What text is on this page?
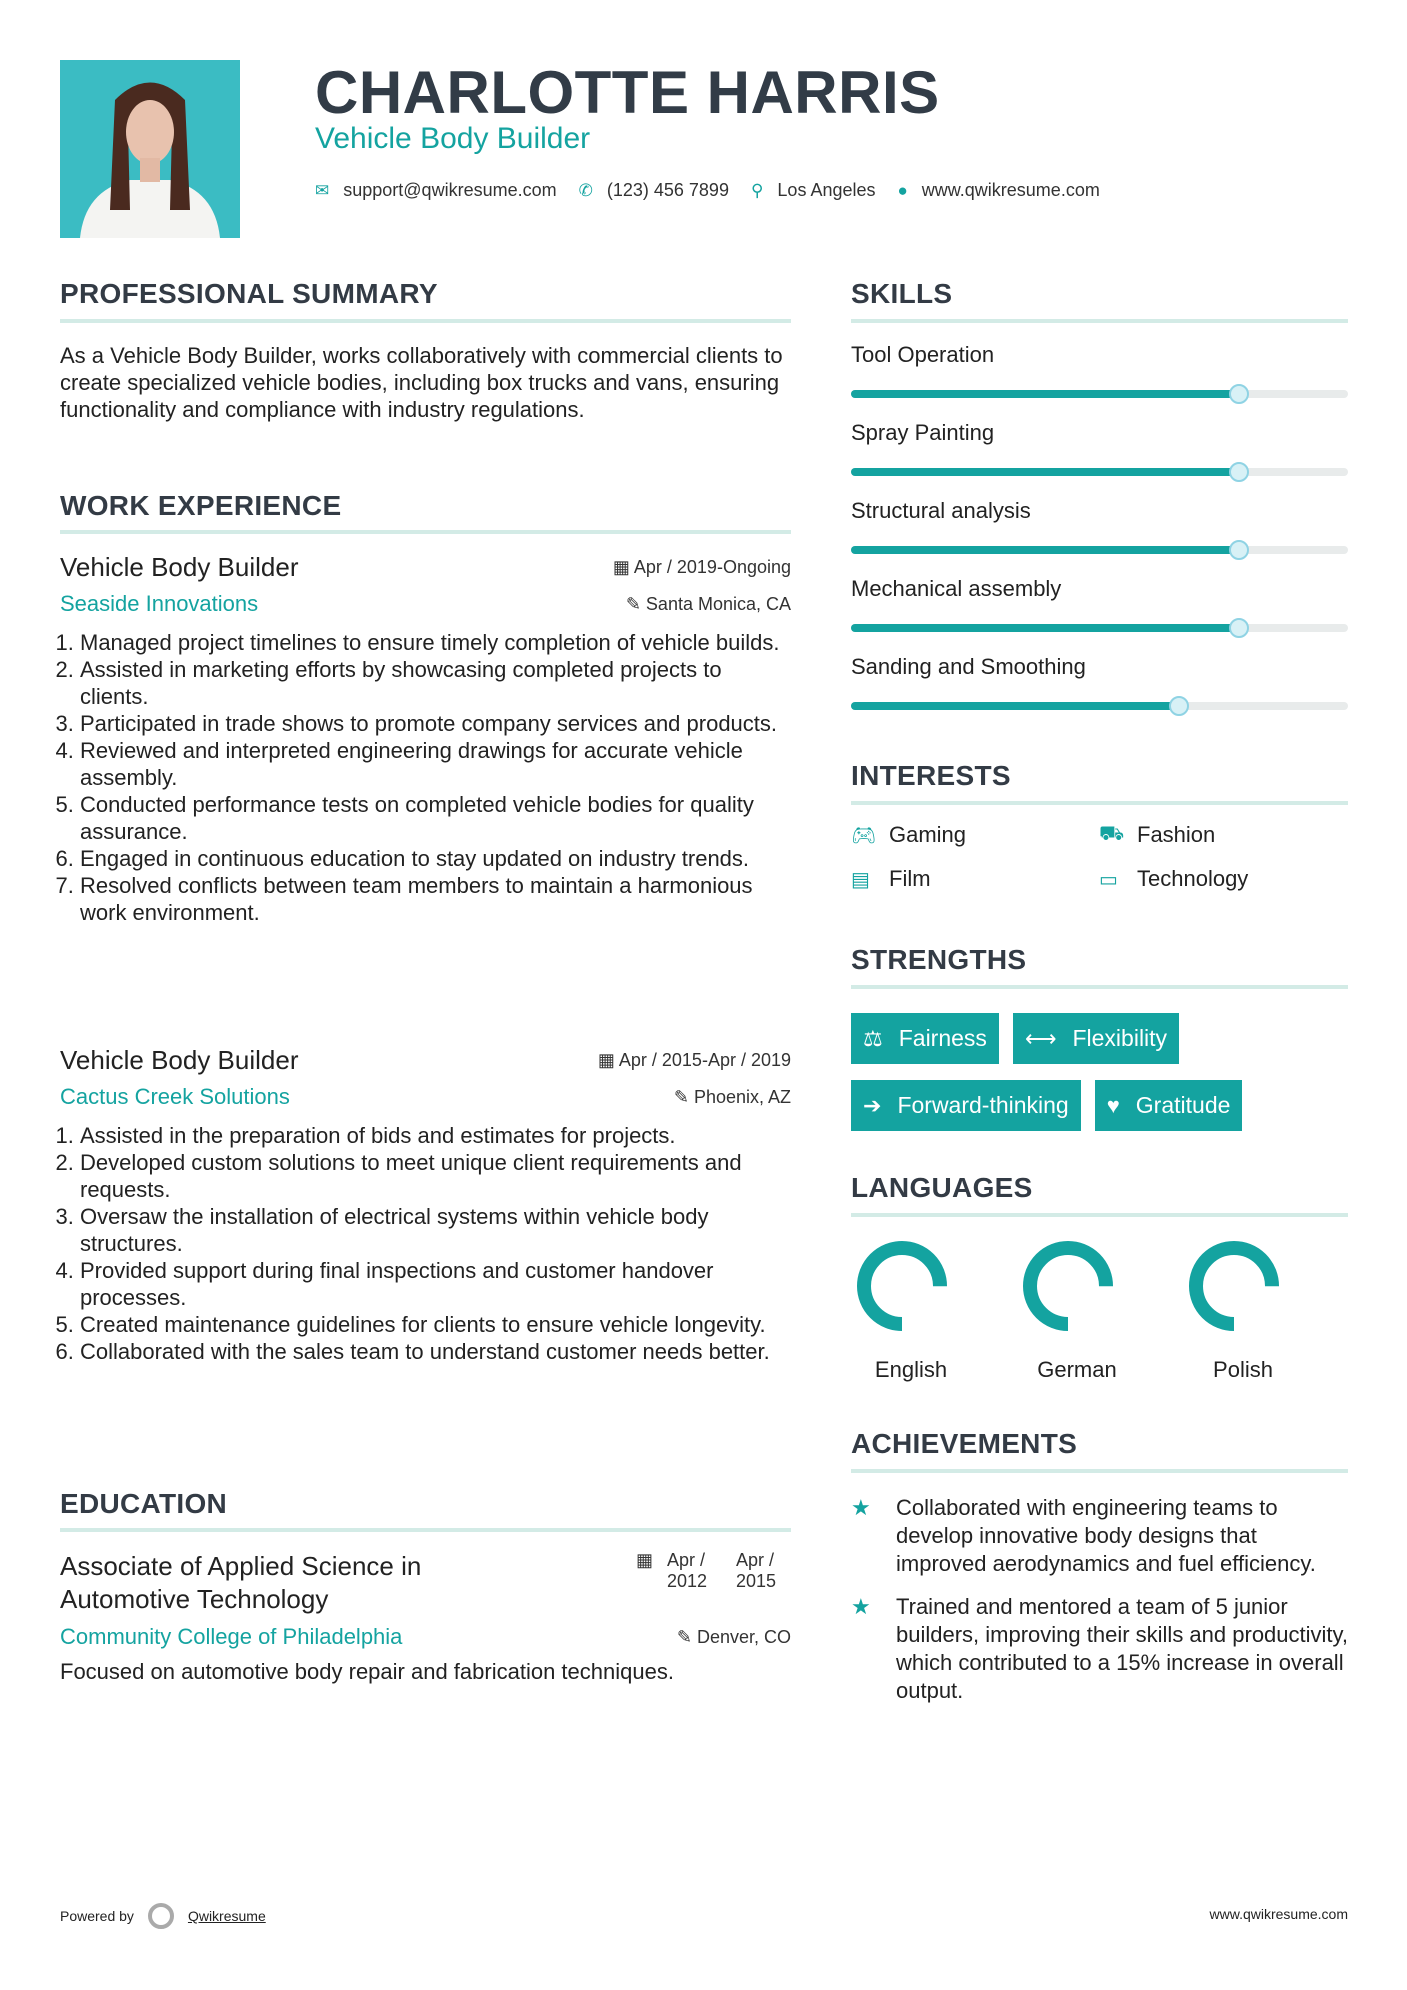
CHARLOTTE HARRIS
Vehicle Body Builder
✉ support@qwikresume.com ✆ (123) 456 7899 ⚲ Los Angeles ● www.qwikresume.com
PROFESSIONAL SUMMARY
As a Vehicle Body Builder, works collaboratively with commercial clients to create specialized vehicle bodies, including box trucks and vans, ensuring functionality and compliance with industry regulations.
WORK EXPERIENCE
Vehicle Body Builder	▦ Apr / 2019-Ongoing
Seaside Innovations	✎ Santa Monica, CA
1. Managed project timelines to ensure timely completion of vehicle builds.
2. Assisted in marketing efforts by showcasing completed projects to clients.
3. Participated in trade shows to promote company services and products.
4. Reviewed and interpreted engineering drawings for accurate vehicle assembly.
5. Conducted performance tests on completed vehicle bodies for quality assurance.
6. Engaged in continuous education to stay updated on industry trends.
7. Resolved conflicts between team members to maintain a harmonious work environment.
Vehicle Body Builder	▦ Apr / 2015-Apr / 2019
Cactus Creek Solutions	✎ Phoenix, AZ
1. Assisted in the preparation of bids and estimates for projects.
2. Developed custom solutions to meet unique client requirements and requests.
3. Oversaw the installation of electrical systems within vehicle body structures.
4. Provided support during final inspections and customer handover processes.
5. Created maintenance guidelines for clients to ensure vehicle longevity.
6. Collaborated with the sales team to understand customer needs better.
EDUCATION
Associate of Applied Science in Automotive Technology
▦ Apr / 2012
Apr / 2015
Community College of Philadelphia	✎ Denver, CO
Focused on automotive body repair and fabrication techniques.
SKILLS
Tool Operation
Spray Painting
Structural analysis
Mechanical assembly
Sanding and Smoothing
INTERESTS
🎮︎ Gaming	⛟ Fashion
▤ Film	▭ Technology
STRENGTHS
⚖ Fairness ⟷ Flexibility
➔ Forward-thinking ♥ Gratitude
LANGUAGES
English	German	Polish
ACHIEVEMENTS
★	Collaborated with engineering teams to develop innovative body designs that improved aerodynamics and fuel efficiency.
★	Trained and mentored a team of 5 junior builders, improving their skills and productivity, which contributed to a 15% increase in overall output.
Powered by	Qwikresume	www.qwikresume.com
